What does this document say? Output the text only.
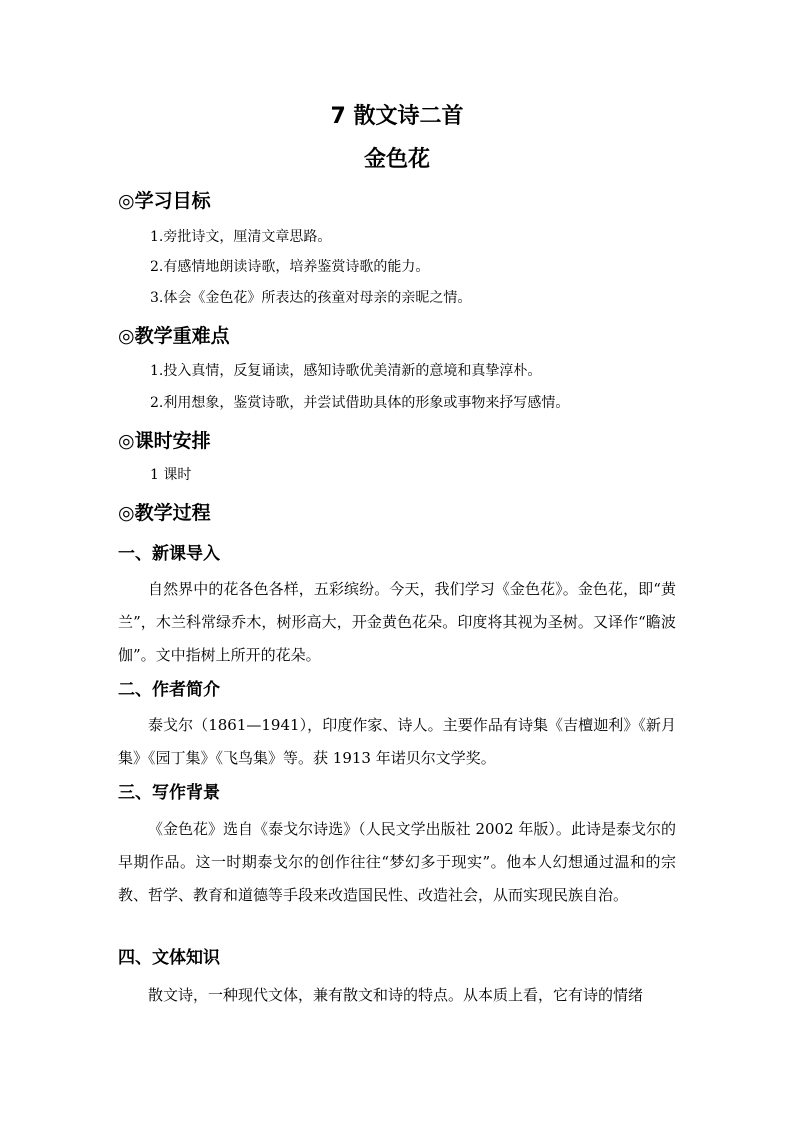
7 散文诗二首
金色花
◎学习目标
1.旁批诗文，厘清文章思路。
2.有感情地朗读诗歌，培养鉴赏诗歌的能力。
3.体会《金色花》所表达的孩童对母亲的亲昵之情。
◎教学重难点
1.投入真情，反复诵读，感知诗歌优美清新的意境和真挚淳朴。
2.利用想象，鉴赏诗歌，并尝试借助具体的形象或事物来抒写感情。
◎课时安排
1 课时
◎教学过程
一、新课导入

自然界中的花各色各样，五彩缤纷。今天，我们学习《金色花》。金色花，即“黄兰”，木兰科常绿乔木，树形高大，开金黄色花朵。印度将其视为圣树。又译作“瞻波伽”。文中指树上所开的花朵。

二、作者简介

泰戈尔（1861—1941），印度作家、诗人。主要作品有诗集《吉檀迦利》《新月集》《园丁集》《飞鸟集》等。获 1913 年诺贝尔文学奖。

三、写作背景

《金色花》选自《泰戈尔诗选》（人民文学出版社 2002 年版）。此诗是泰戈尔的早期作品。这一时期泰戈尔的创作往往“梦幻多于现实”。他本人幻想通过温和的宗教、哲学、教育和道德等手段来改造国民性、改造社会，从而实现民族自治。

四、文体知识

散文诗，一种现代文体，兼有散文和诗的特点。从本质上看，它有诗的情绪
